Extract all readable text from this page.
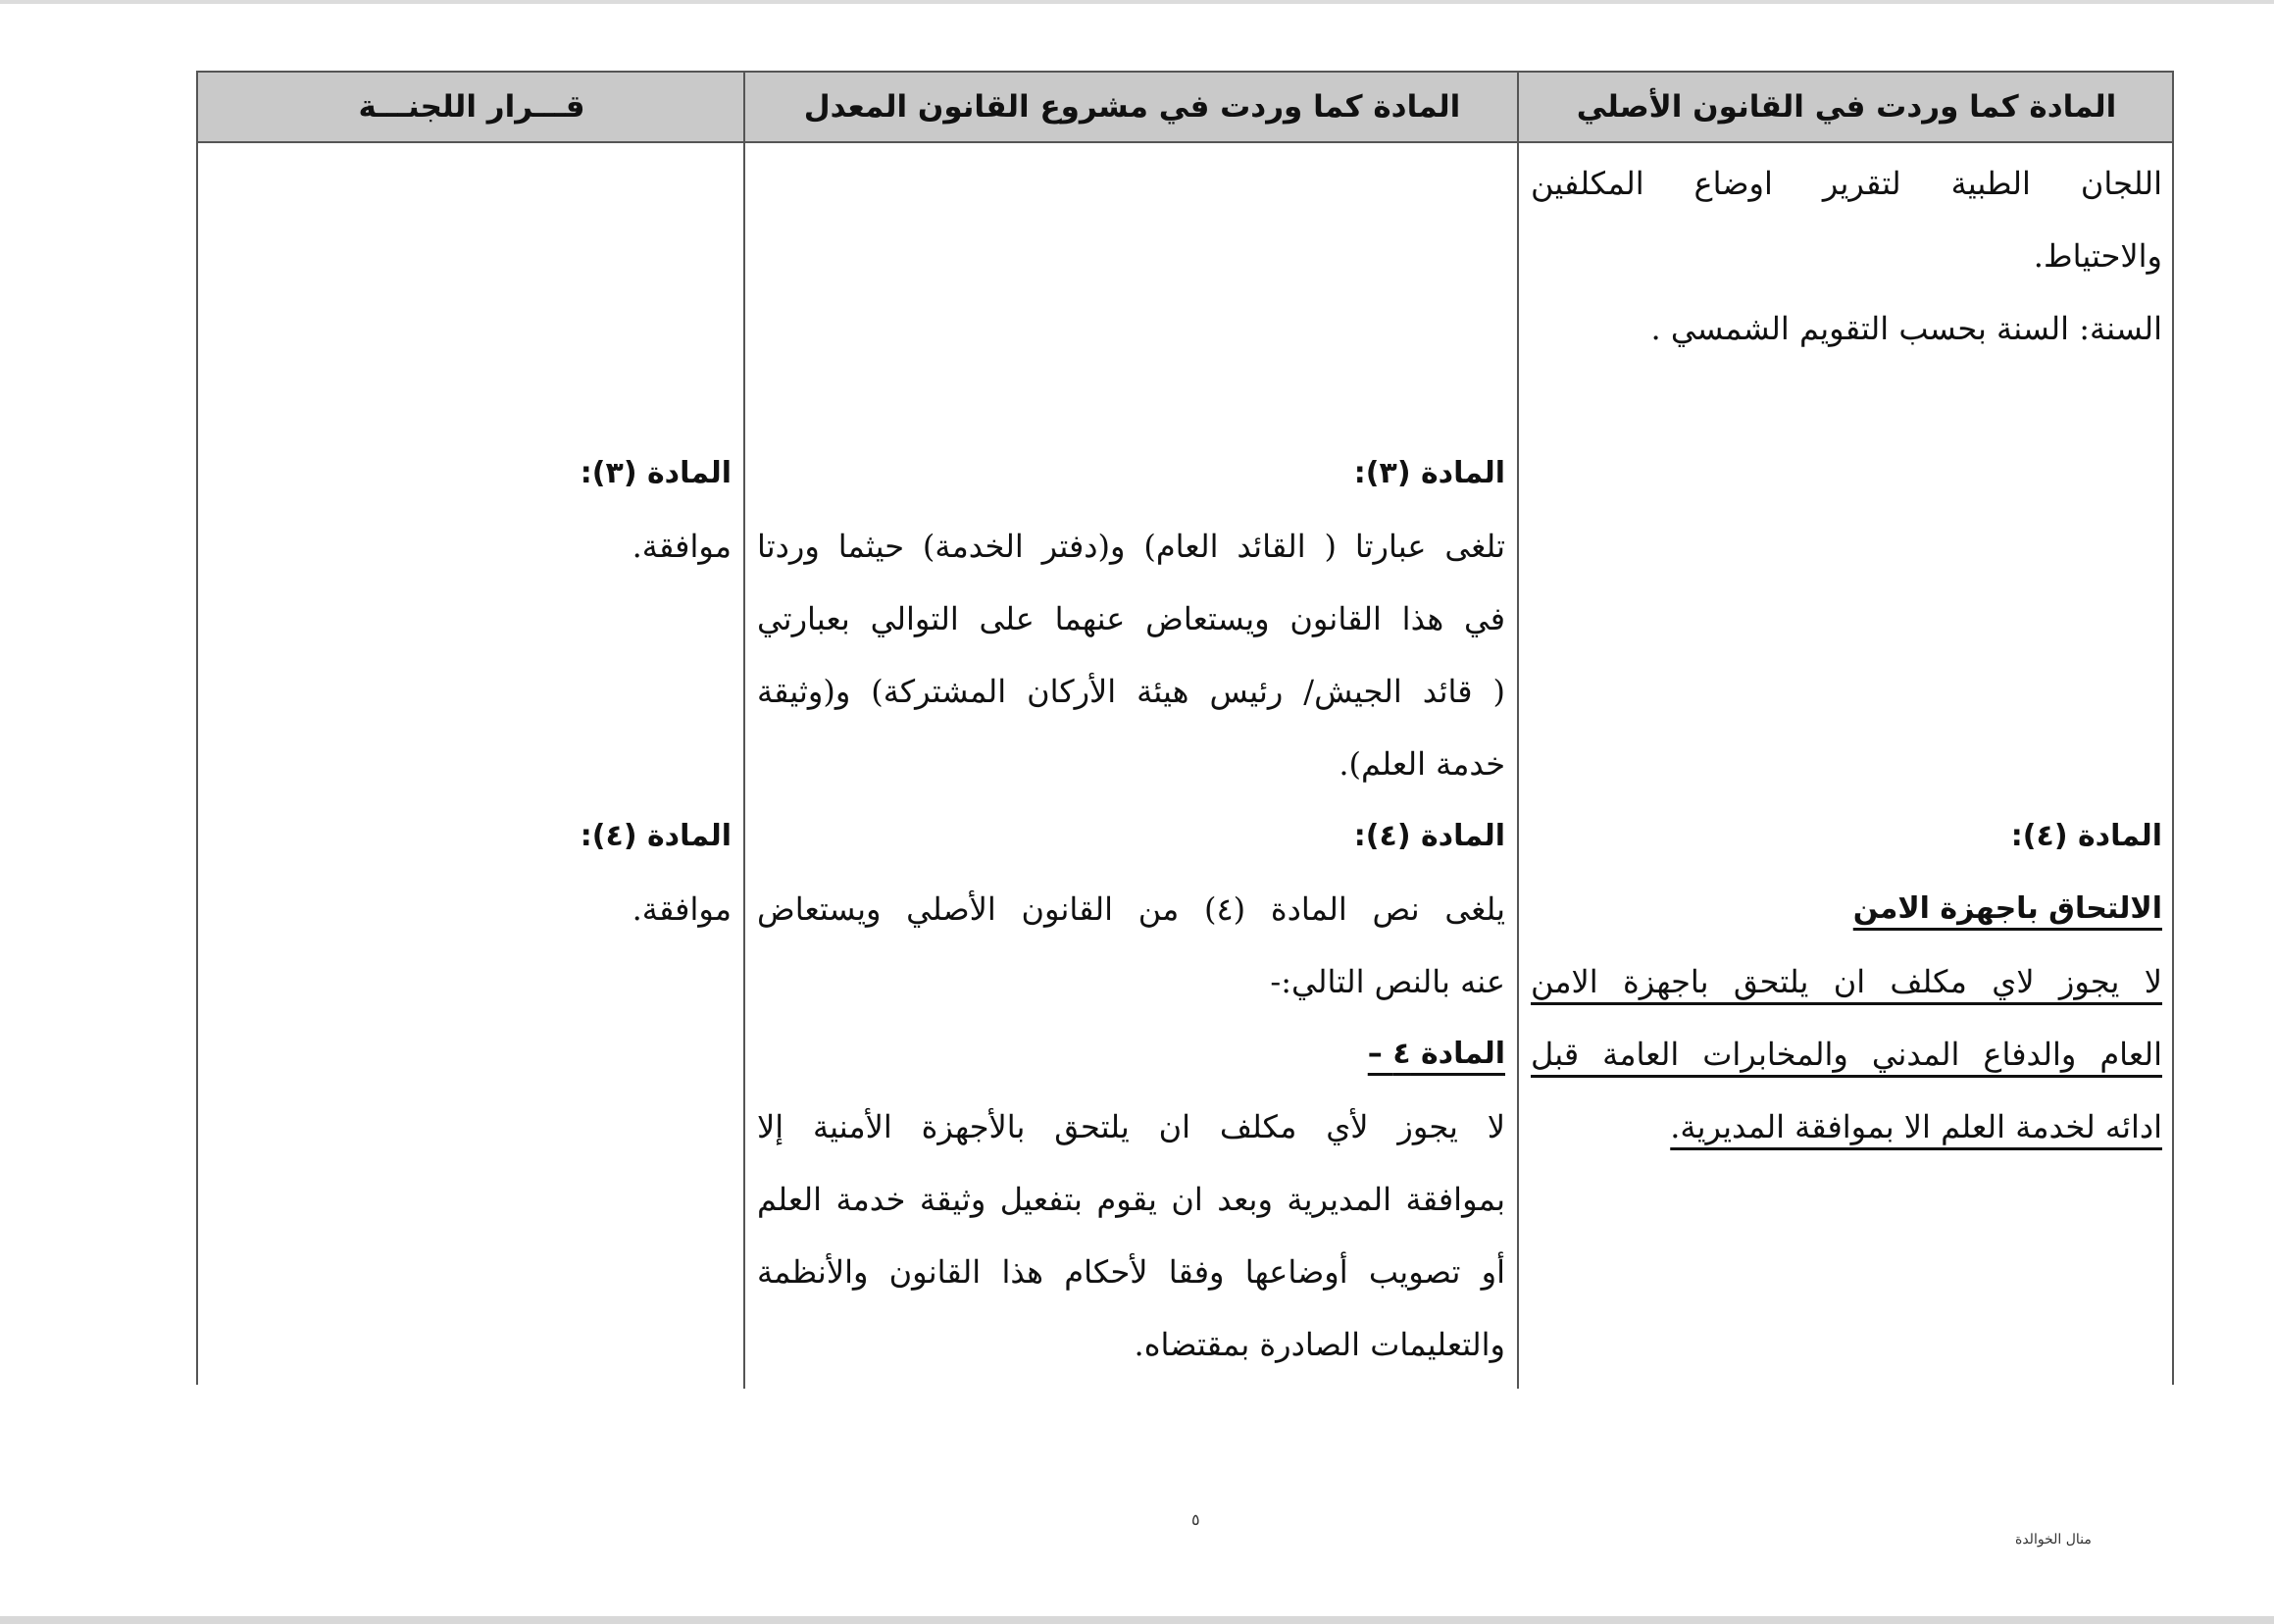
المادة كما وردت في القانون الأصلي
المادة كما وردت في مشروع القانون المعدل
قـــرار اللجنـــة
اللجان الطبية لتقرير اوضاع المكلفين
والاحتياط.
السنة: السنة بحسب التقويم الشمسي .
المادة (٤):
الالتحاق باجهزة الامن
لا يجوز لاي مكلف ان يلتحق باجهزة الامن
العام والدفاع المدني والمخابرات العامة قبل
ادائه لخدمة العلم الا بموافقة المديرية.
المادة (٣):
تلغى عبارتا ( القائد العام) و(دفتر الخدمة) حيثما وردتا
في هذا القانون ويستعاض عنهما على التوالي بعبارتي
( قائد الجيش/ رئيس هيئة الأركان المشتركة) و(وثيقة
خدمة العلم).
المادة (٤):
يلغى نص المادة (٤) من القانون الأصلي ويستعاض
عنه بالنص التالي:-
المادة ٤ –
لا يجوز لأي مكلف ان يلتحق بالأجهزة الأمنية إلا
بموافقة المديرية وبعد ان يقوم بتفعيل وثيقة خدمة العلم
أو تصويب أوضاعها وفقا لأحكام هذا القانون والأنظمة
والتعليمات الصادرة بمقتضاه.
المادة (٣):
موافقة.
المادة (٤):
موافقة.
٥
منال الخوالدة
